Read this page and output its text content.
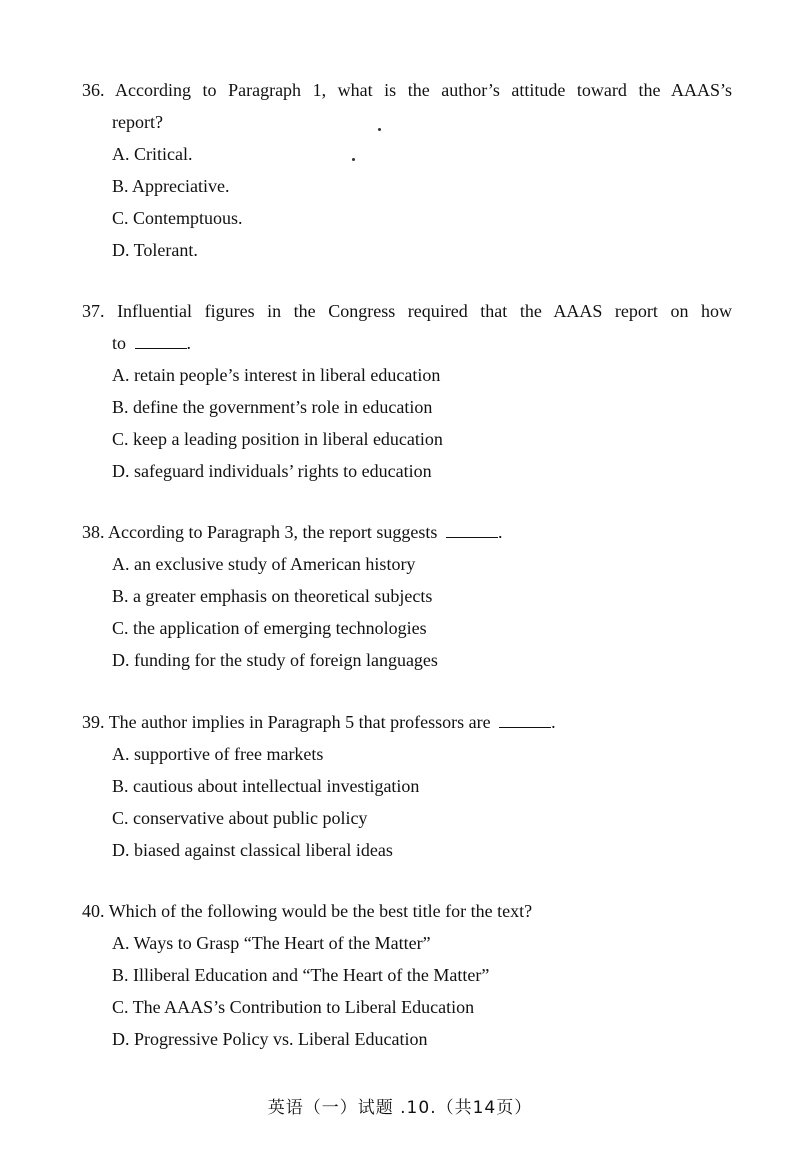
36. According to Paragraph 1, what is the author’s attitude toward the AAAS’s
report?
A. Critical.
B. Appreciative.
C. Contemptuous.
D. Tolerant.
37. Influential figures in the Congress required that the AAAS report on how
to	.
A. retain people’s interest in liberal education
B. define the government’s role in education
C. keep a leading position in liberal education
D. safeguard individuals’ rights to education
38. According to Paragraph 3, the report suggests	.
A. an exclusive study of American history
B. a greater emphasis on theoretical subjects
C. the application of emerging technologies
D. funding for the study of foreign languages
39. The author implies in Paragraph 5 that professors are	.
A. supportive of free markets
B. cautious about intellectual investigation
C. conservative about public policy
D. biased against classical liberal ideas
40. Which of the following would be the best title for the text?
A. Ways to Grasp “The Heart of the Matter”
B. Illiberal Education and “The Heart of the Matter”
C. The AAAS’s Contribution to Liberal Education
D. Progressive Policy vs. Liberal Education
英语（一）试题 .10.（共14页）
